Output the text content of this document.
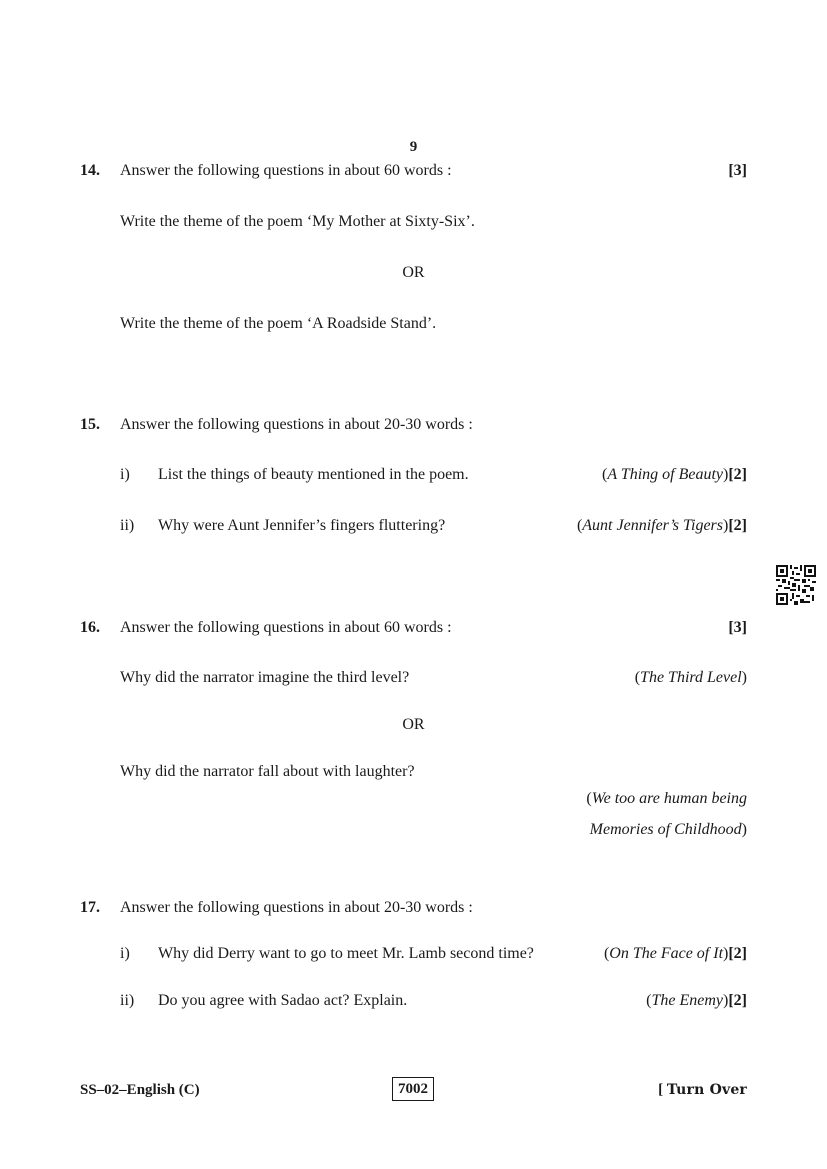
9
14. Answer the following questions in about 60 words :	[3]
Write the theme of the poem ‘My Mother at Sixty-Six’.
OR
Write the theme of the poem ‘A Roadside Stand’.
15. Answer the following questions in about 20-30 words :
i) List the things of beauty mentioned in the poem.	(A Thing of Beauty)[2]
ii) Why were Aunt Jennifer’s fingers fluttering?	(Aunt Jennifer’s Tigers)[2]
16. Answer the following questions in about 60 words :	[3]
Why did the narrator imagine the third level?	(The Third Level)
OR
Why did the narrator fall about with laughter?
(We too are human being
Memories of Childhood)
17. Answer the following questions in about 20-30 words :
i) Why did Derry want to go to meet Mr. Lamb second time?	(On The Face of It)[2]
ii) Do you agree with Sadao act? Explain.	(The Enemy)[2]
SS–02–English (C)	7002	[ Turn Over
